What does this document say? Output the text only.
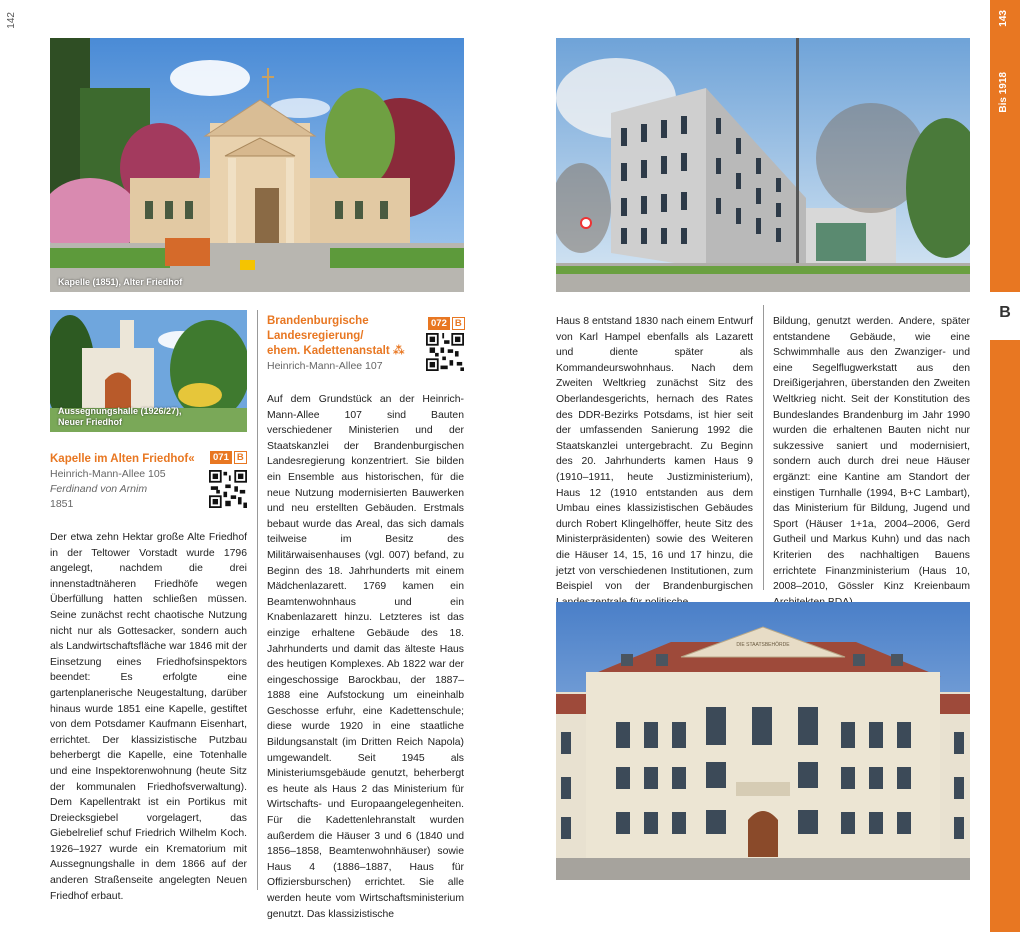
142	143
Bis 1918
B
Kapelle (1851), Alter Friedhof
Aussegnungshalle (1926/27),
Neuer Friedhof
Kapelle im Alten Friedhof«
Heinrich-Mann-Allee 105
Ferdinand von Arnim
1851
071 B
Der etwa zehn Hektar große Alte Friedhof in der Teltower Vorstadt wurde 1796 angelegt, nachdem die drei innenstadtnäheren Friedhöfe wegen Überfüllung hatten schließen müssen. Seine zunächst recht chaotische Nutzung nicht nur als Gottesacker, sondern auch als Landwirtschaftsfläche war 1846 mit der Einsetzung eines Friedhofsinspektors beendet: Es erfolgte eine gartenplanerische Neugestaltung, darüber hinaus wurde 1851 eine Kapelle, gestiftet von dem Potsdamer Kaufmann Eisenhart, errichtet. Der klassizistische Putzbau beherbergt die Kapelle, eine Totenhalle und eine Inspektorenwohnung (heute Sitz der kommunalen Friedhofsverwaltung). Dem Kapellentrakt ist ein Portikus mit Dreiecksgiebel vorgelagert, das Giebelrelief schuf Friedrich Wilhelm Koch. 1926–1927 wurde ein Krematorium mit Aussegnungshalle in dem 1866 auf der anderen Straßenseite angelegten Neuen Friedhof erbaut.
Brandenburgische
Landesregierung/
ehem. Kadettenanstalt ⁂
Heinrich-Mann-Allee 107
072 B
Auf dem Grundstück an der Heinrich-Mann-Allee 107 sind Bauten verschiedener Ministerien und der Staatskanzlei der Brandenburgischen Landesregierung konzentriert. Sie bilden ein Ensemble aus historischen, für die neue Nutzung modernisierten Bauwerken und neu erstellten Gebäuden. Erstmals bebaut wurde das Areal, das sich damals teilweise im Besitz des Militärwaisenhauses (vgl. 007) befand, zu Beginn des 18. Jahrhunderts mit einem Mädchenlazarett. 1769 kamen ein Beamtenwohnhaus und ein Knabenlazarett hinzu. Letzteres ist das einzige erhaltene Gebäude des 18. Jahrhunderts und damit das älteste Haus des heutigen Komplexes. Ab 1822 war der eingeschossige Barockbau, der 1887–1888 eine Aufstockung um eineinhalb Geschosse erfuhr, eine Kadettenschule; diese wurde 1920 in eine staatliche Bildungsanstalt (im Dritten Reich Napola) umgewandelt. Seit 1945 als Ministeriumsgebäude genutzt, beherbergt es heute als Haus 2 das Ministerium für Wirtschafts- und Europaangelegenheiten. Für die Kadettenlehranstalt wurden außerdem die Häuser 3 und 6 (1840 und 1856–1858, Beamtenwohnhäuser) sowie Haus 4 (1886–1887, Haus für Offiziersburschen) errichtet. Sie alle werden heute vom Wirtschaftsministerium genutzt. Das klassizistische
Haus 8 entstand 1830 nach einem Entwurf von Karl Hampel ebenfalls als Lazarett und diente später als Kommandeurswohnhaus. Nach dem Zweiten Weltkrieg zunächst Sitz des Oberlandesgerichts, hernach des Rates des DDR-Bezirks Potsdams, ist hier seit der umfassenden Sanierung 1992 die Staatskanzlei untergebracht. Zu Beginn des 20. Jahrhunderts kamen Haus 9 (1910–1911, heute Justizministerium), Haus 12 (1910 entstanden aus dem Umbau eines klassizistischen Gebäudes durch Robert Klingelhöffer, heute Sitz des Ministerpräsidenten) sowie des Weiteren die Häuser 14, 15, 16 und 17 hinzu, die jetzt von verschiedenen Institutionen, zum Beispiel von der Brandenburgischen
Bildung, genutzt werden. Andere, später entstandene Gebäude, wie eine Schwimmhalle aus den Zwanziger- und eine Segelflugwerkstatt aus den Dreißigerjahren, überstanden den Zweiten Weltkrieg nicht. Seit der Konstitution des Bundeslandes Brandenburg im Jahr 1990 wurden die erhaltenen Bauten nicht nur sukzessive saniert und modernisiert, sondern auch durch drei neue Häuser ergänzt: eine Kantine am Standort der einstigen Turnhalle (1994, B+C Lambart), das Ministerium für Bildung, Jugend und Sport (Häuser 1+1a, 2004–2006, Gerd Gutheil und Markus Kuhn) und das nach Kriterien des nachhaltigen Bauens errichtete Finanzministerium (Haus 10, 2008–2010, Gössler Kinz Kreienbaum
DIE STAATSBEHÖRDE
